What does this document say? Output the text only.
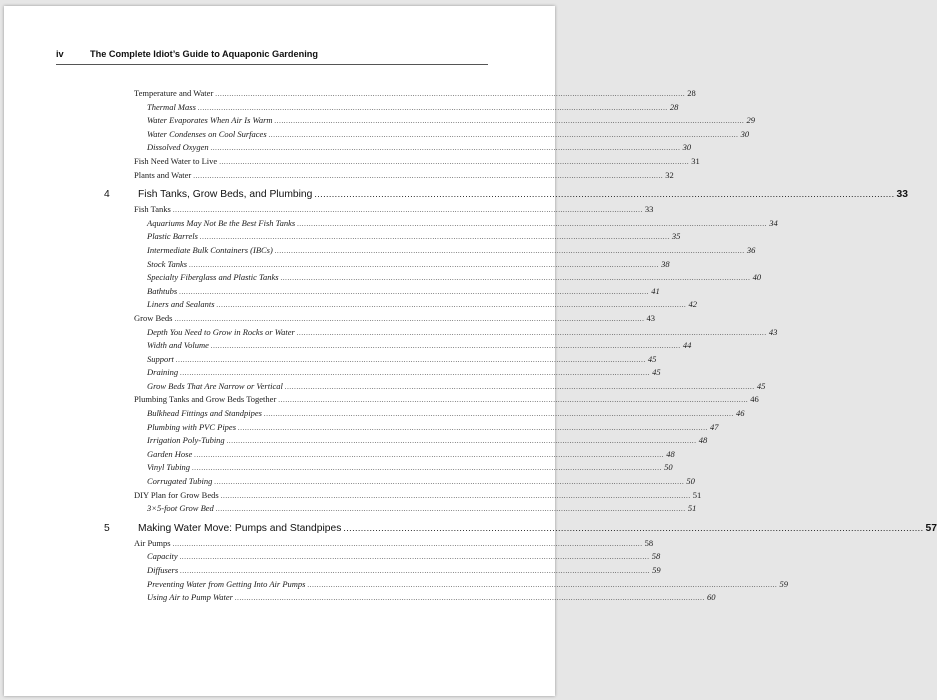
iv	The Complete Idiot’s Guide to Aquaponic Gardening
Temperature and Water ........................................................................................................................................................................................................ 28
Thermal Mass ........................................................................................................................................................................................................ 28
Water Evaporates When Air Is Warm ........................................................................................................................................................................................................ 29
Water Condenses on Cool Surfaces ........................................................................................................................................................................................................ 30
Dissolved Oxygen ........................................................................................................................................................................................................ 30
Fish Need Water to Live ........................................................................................................................................................................................................ 31
Plants and Water ........................................................................................................................................................................................................ 32
4	Fish Tanks, Grow Beds, and Plumbing ........................................................................................................................................................................................................ 33
Fish Tanks ........................................................................................................................................................................................................ 33
Aquariums May Not Be the Best Fish Tanks ........................................................................................................................................................................................................ 34
Plastic Barrels ........................................................................................................................................................................................................ 35
Intermediate Bulk Containers (IBCs) ........................................................................................................................................................................................................ 36
Stock Tanks ........................................................................................................................................................................................................ 38
Specialty Fiberglass and Plastic Tanks ........................................................................................................................................................................................................ 40
Bathtubs ........................................................................................................................................................................................................ 41
Liners and Sealants ........................................................................................................................................................................................................ 42
Grow Beds ........................................................................................................................................................................................................ 43
Depth You Need to Grow in Rocks or Water ........................................................................................................................................................................................................ 43
Width and Volume ........................................................................................................................................................................................................ 44
Support ........................................................................................................................................................................................................ 45
Draining ........................................................................................................................................................................................................ 45
Grow Beds That Are Narrow or Vertical ........................................................................................................................................................................................................ 45
Plumbing Tanks and Grow Beds Together ........................................................................................................................................................................................................ 46
Bulkhead Fittings and Standpipes ........................................................................................................................................................................................................ 46
Plumbing with PVC Pipes ........................................................................................................................................................................................................ 47
Irrigation Poly-Tubing ........................................................................................................................................................................................................ 48
Garden Hose ........................................................................................................................................................................................................ 48
Vinyl Tubing ........................................................................................................................................................................................................ 50
Corrugated Tubing ........................................................................................................................................................................................................ 50
DIY Plan for Grow Beds ........................................................................................................................................................................................................ 51
3×5-foot Grow Bed ........................................................................................................................................................................................................ 51
5	Making Water Move: Pumps and Standpipes ........................................................................................................................................................................................................ 57
Air Pumps ........................................................................................................................................................................................................ 58
Capacity ........................................................................................................................................................................................................ 58
Diffusers ........................................................................................................................................................................................................ 59
Preventing Water from Getting Into Air Pumps ........................................................................................................................................................................................................ 59
Using Air to Pump Water ........................................................................................................................................................................................................ 60
